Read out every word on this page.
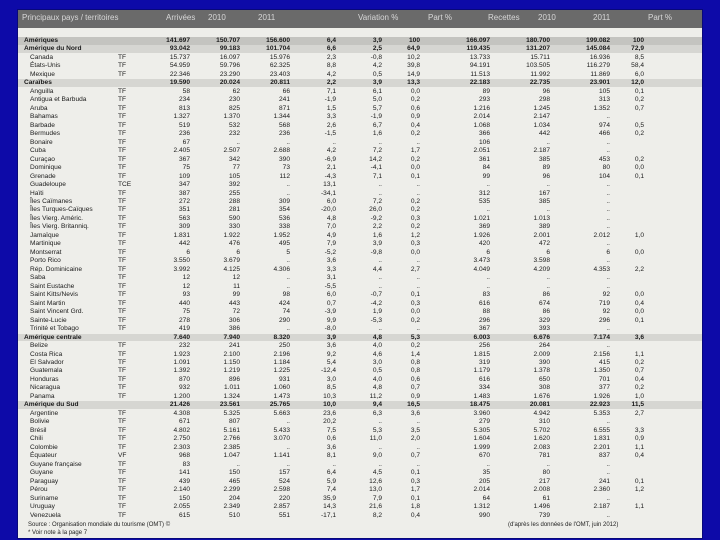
Principaux pays / territoires	Arrivées 2010	2011	Variation %	Part %	Recettes 2010	2011	Part %
Amériques	141.697	150.707	156.600	6,4	3,9	100	166.097	180.700	199.082	100
Amérique du Nord	93.042	99.183	101.704	6,6	2,5	64,9	119.435	131.207	145.084	72,9
Canada	TF	15.737	16.097	15.976	2,3	-0,8	10,2	13.733	15.711	16.936	8,5
États-Unis	TF	54.959	59.796	62.325	8,8	4,2	39,8	94.191	103.505	116.279	58,4
Mexique	TF	22.346	23.290	23.403	4,2	0,5	14,9	11.513	11.992	11.869	6,0
Caraïbes	19.590	20.024	20.811	2,2	3,9	13,3	22.183	22.735	23.901	12,0
Anguilla	TF	58	62	66	7,1	6,1	0,0	89	96	105	0,1
Antigua et Barbuda	TF	234	230	241	-1,9	5,0	0,2	293	298	313	0,2
Aruba	TF	813	825	871	1,5	5,7	0,6	1.216	1.245	1.352	0,7
Bahamas	TF	1.327	1.370	1.344	3,3	-1,9	0,9	2.014	2.147	..
Barbade	TF	519	532	568	2,6	6,7	0,4	1.068	1.034	974	0,5
Bermudes	TF	236	232	236	-1,5	1,6	0,2	366	442	466	0,2
Bonaire	TF	67	..	..	..	..	..	106	..	..
Cuba	TF	2.405	2.507	2.688	4,2	7,2	1,7	2.051	2.187	..
Curaçao	TF	367	342	390	-6,9	14,2	0,2	361	385	453	0,2
Dominique	TF	75	77	73	2,1	-4,1	0,0	84	89	80	0,0
Grenade	TF	109	105	112	-4,3	7,1	0,1	99	96	104	0,1
Guadeloupe	TCE	347	392	..	13,1	..	..	..	..	..
Haïti	TF	387	255	..	-34,1	..	..	312	167	..
Îles Caïmanes	TF	272	288	309	6,0	7,2	0,2	535	385	..
Îles Turques-Caïques	TF	351	281	354	-20,0	26,0	0,2	..	..	..
Îles Vierg. Améric.	TF	563	590	536	4,8	-9,2	0,3	1.021	1.013	..
Îles Vierg. Britanniq.	TF	309	330	338	7,0	2,2	0,2	369	389	..
Jamaïque	TF	1.831	1.922	1.952	4,9	1,6	1,2	1.926	2.001	2.012	1,0
Martinique	TF	442	476	495	7,9	3,9	0,3	420	472	..
Montserrat	TF	6	6	5	-5,2	-9,8	0,0	6	6	6	0,0
Porto Rico	TF	3.550	3.679	..	3,6	..	..	3.473	3.598	..
Rép. Dominicaine	TF	3.992	4.125	4.306	3,3	4,4	2,7	4.049	4.209	4.353	2,2
Saba	TF	12	12	..	3,1	..	..	..	..	..
Saint Eustache	TF	12	11	..	-5,5	..	..	..	..	..
Saint Kitts/Nevis	TF	93	99	98	6,0	-0,7	0,1	83	86	92	0,0
Saint Martin	TF	440	443	424	0,7	-4,2	0,3	616	674	719	0,4
Saint Vincent Grd.	TF	75	72	74	-3,9	1,9	0,0	88	86	92	0,0
Sainte-Lucie	TF	278	306	290	9,9	-5,3	0,2	296	329	296	0,1
Trinité et Tobago	TF	419	386	..	-8,0	..	..	367	393	..
Amérique centrale	7.640	7.940	8.320	3,9	4,8	5,3	6.003	6.676	7.174	3,6
Belize	TF	232	241	250	3,6	4,0	0,2	256	264	..
Costa Rica	TF	1.923	2.100	2.196	9,2	4,6	1,4	1.815	2.009	2.156	1,1
El Salvador	TF	1.091	1.150	1.184	5,4	3,0	0,8	319	390	415	0,2
Guatemala	TF	1.392	1.219	1.225	-12,4	0,5	0,8	1.179	1.378	1.350	0,7
Honduras	TF	870	896	931	3,0	4,0	0,6	616	650	701	0,4
Nicaragua	TF	932	1.011	1.060	8,5	4,8	0,7	334	308	377	0,2
Panama	TF	1.200	1.324	1.473	10,3	11,2	0,9	1.483	1.676	1.926	1,0
Amérique du Sud	21.426	23.561	25.765	10,0	9,4	16,5	18.475	20.081	22.923	11,5
Argentine	TF	4.308	5.325	5.663	23,6	6,3	3,6	3.960	4.942	5.353	2,7
Bolivie	TF	671	807	..	20,2	..	..	279	310	..
Brésil	TF	4.802	5.161	5.433	7,5	5,3	3,5	5.305	5.702	6.555	3,3
Chili	TF	2.750	2.766	3.070	0,6	11,0	2,0	1.604	1.620	1.831	0,9
Colombie	TF	2.303	2.385	..	3,6	..	..	1.999	2.083	2.201	1,1
Équateur	VF	968	1.047	1.141	8,1	9,0	0,7	670	781	837	0,4
Guyane française	TF	83	..	..	..	..	..	..	..	..
Guyane	TF	141	150	157	6,4	4,5	0,1	35	80	..
Paraguay	TF	439	465	524	5,9	12,6	0,3	205	217	241	0,1
Pérou	TF	2.140	2.299	2.598	7,4	13,0	1,7	2.014	2.008	2.360	1,2
Suriname	TF	150	204	220	35,9	7,9	0,1	64	61	..
Uruguay	TF	2.055	2.349	2.857	14,3	21,6	1,8	1.312	1.496	2.187	1,1
Venezuela	TF	615	510	551	-17,1	8,2	0,4	990	739	..
Source : Organisation mondiale du tourisme (OMT) ©
* Voir note à la page 7
(d'après les données de l'OMT, juin 2012)
